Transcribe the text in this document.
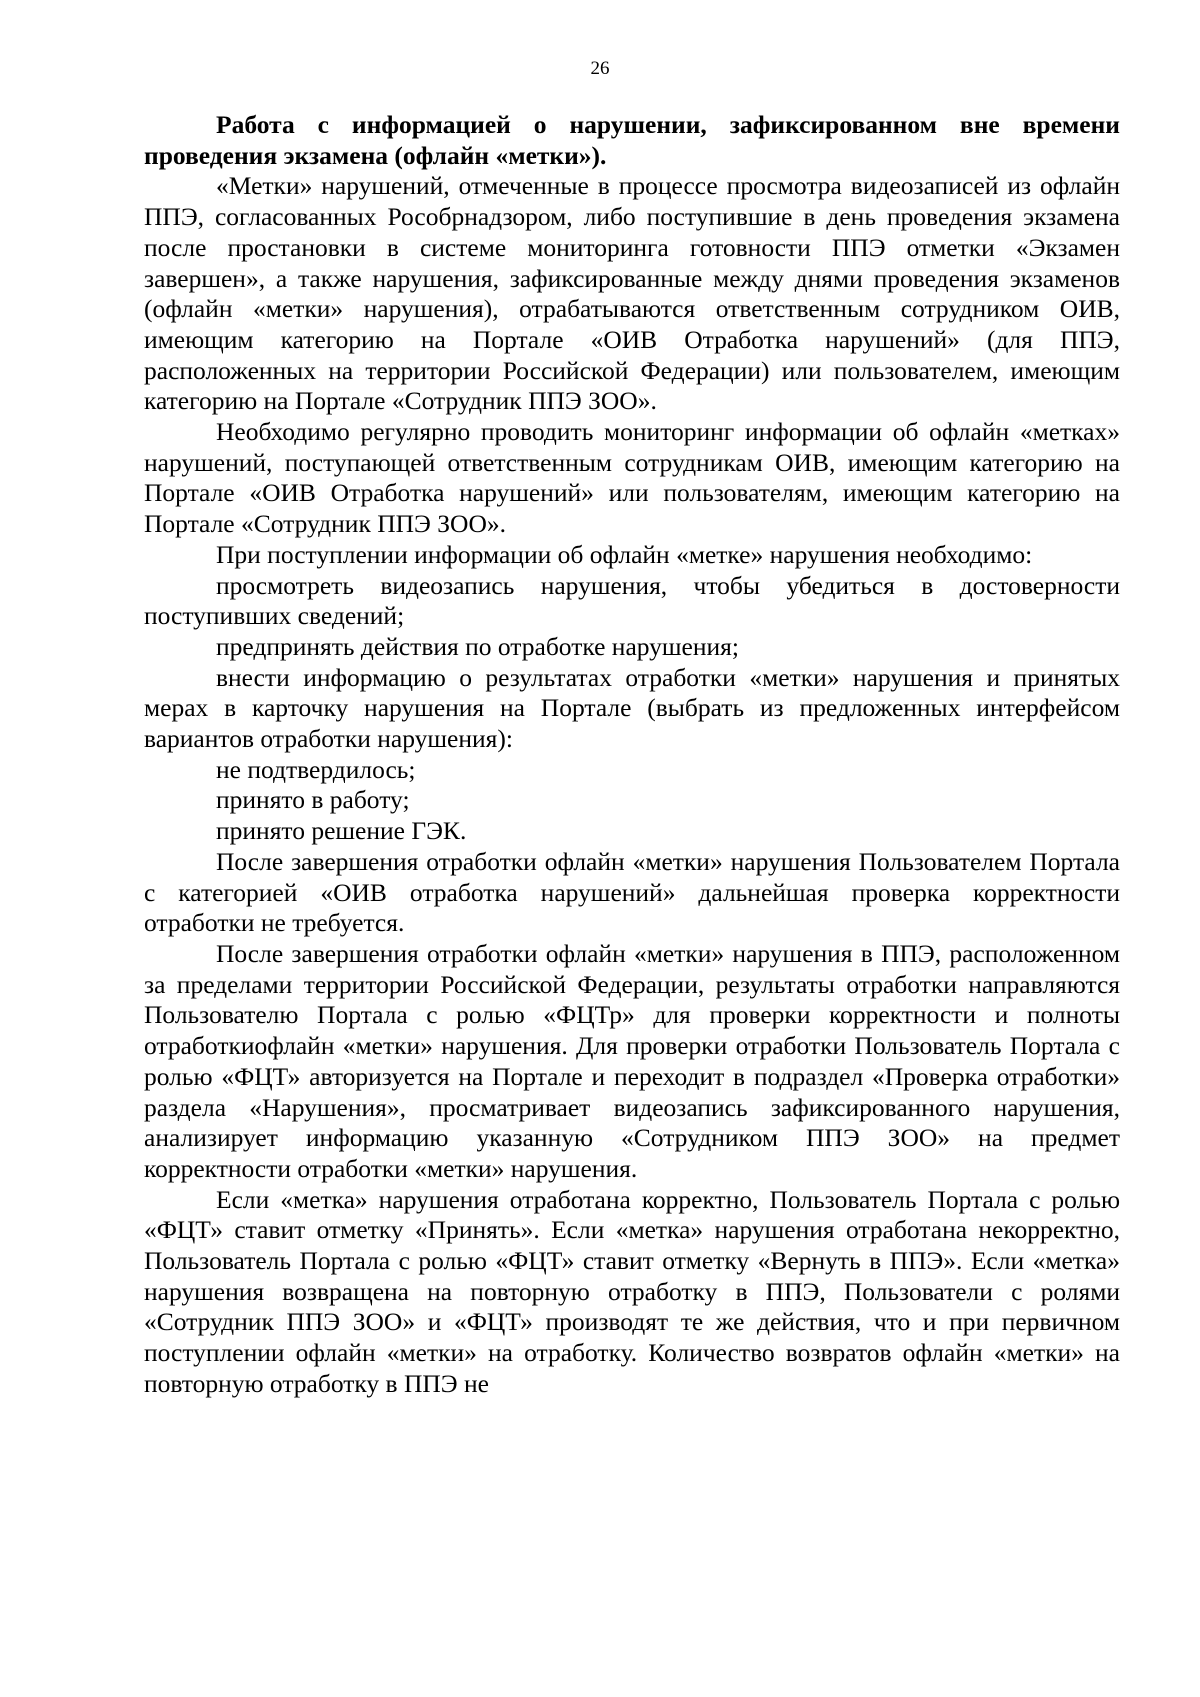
26

Работа с информацией о нарушении, зафиксированном вне времени проведения экзамена (офлайн «метки»).

«Метки» нарушений, отмеченные в процессе просмотра видеозаписей из офлайн ППЭ, согласованных Рособрнадзором, либо поступившие в день проведения экзамена после простановки в системе мониторинга готовности ППЭ отметки «Экзамен завершен», а также нарушения, зафиксированные между днями проведения экзаменов (офлайн «метки» нарушения), отрабатываются ответственным сотрудником ОИВ, имеющим категорию на Портале «ОИВ Отработка нарушений» (для ППЭ, расположенных на территории Российской Федерации) или пользователем, имеющим категорию на Портале «Сотрудник ППЭ ЗОО».

Необходимо регулярно проводить мониторинг информации об офлайн «метках» нарушений, поступающей ответственным сотрудникам ОИВ, имеющим категорию на Портале «ОИВ Отработка нарушений» или пользователям, имеющим категорию на Портале «Сотрудник ППЭ ЗОО».

При поступлении информации об офлайн «метке» нарушения необходимо:

просмотреть видеозапись нарушения, чтобы убедиться в достоверности поступивших сведений;

предпринять действия по отработке нарушения;

внести информацию о результатах отработки «метки» нарушения и принятых мерах в карточку нарушения на Портале (выбрать из предложенных интерфейсом вариантов отработки нарушения):

не подтвердилось;

принято в работу;

принято решение ГЭК.

После завершения отработки офлайн «метки» нарушения Пользователем Портала с категорией «ОИВ отработка нарушений» дальнейшая проверка корректности отработки не требуется.

После завершения отработки офлайн «метки» нарушения в ППЭ, расположенном за пределами территории Российской Федерации, результаты отработки направляются Пользователю Портала с ролью «ФЦТр» для проверки корректности и полноты отработкиофлайн «метки» нарушения. Для проверки отработки Пользователь Портала с ролью «ФЦТ» авторизуется на Портале и переходит в подраздел «Проверка отработки» раздела «Нарушения», просматривает видеозапись зафиксированного нарушения, анализирует информацию указанную «Сотрудником ППЭ ЗОО» на предмет корректности отработки «метки» нарушения.

Если «метка» нарушения отработана корректно, Пользователь Портала с ролью «ФЦТ» ставит отметку «Принять». Если «метка» нарушения отработана некорректно, Пользователь Портала с ролью «ФЦТ» ставит отметку «Вернуть в ППЭ». Если «метка» нарушения возвращена на повторную отработку в ППЭ, Пользователи с ролями «Сотрудник ППЭ ЗОО» и «ФЦТ» производят те же действия, что и при первичном поступлении офлайн «метки» на отработку. Количество возвратов офлайн «метки» на повторную отработку в ППЭ не
